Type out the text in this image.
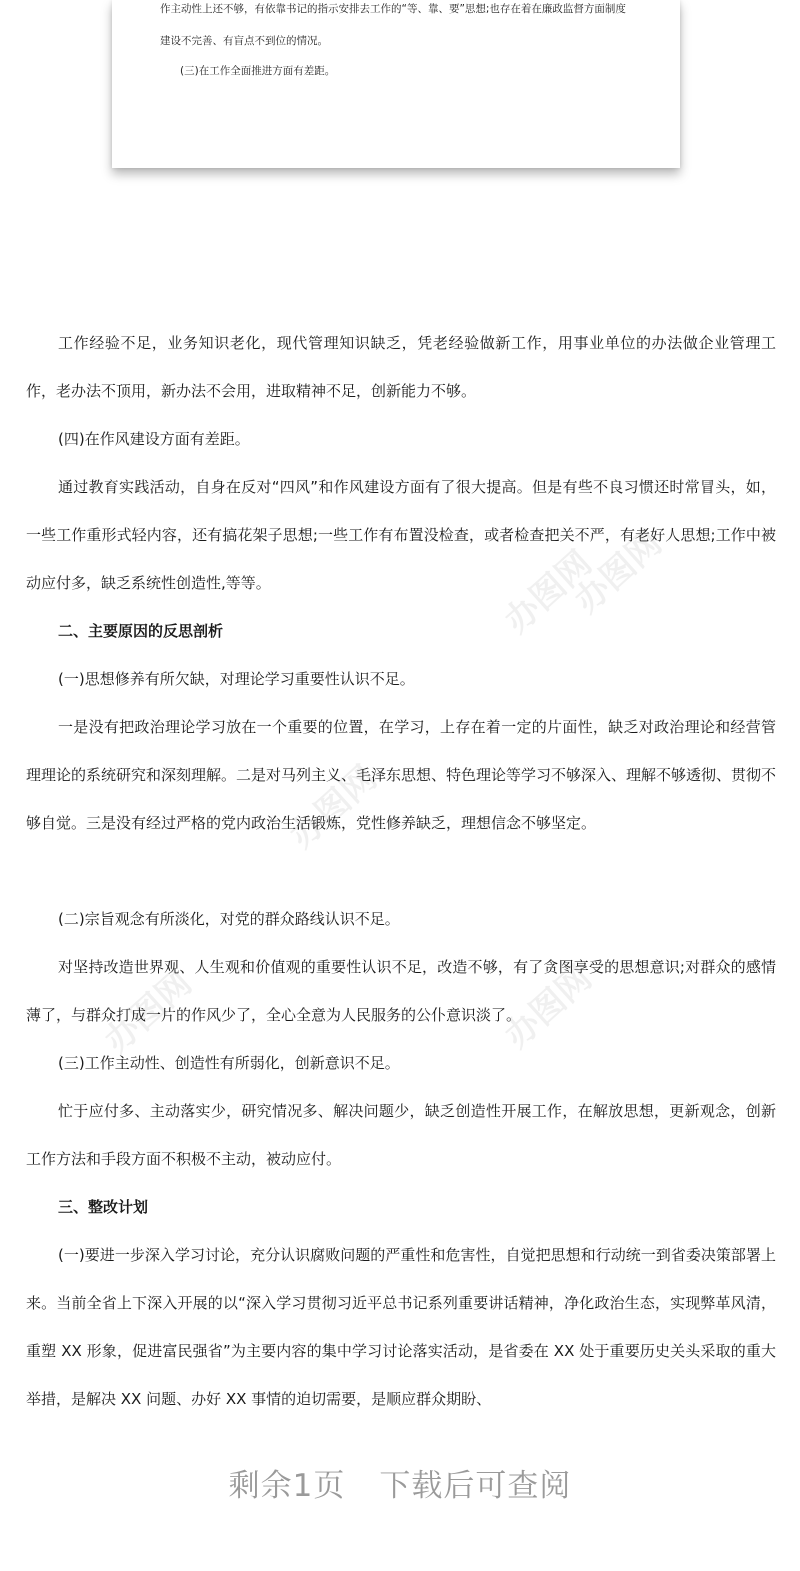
作主动性上还不够，有依靠书记的指示安排去工作的“等、靠、要”思想;也存在着在廉政监督方面制度
建设不完善、有盲点不到位的情况。
(三)在工作全面推进方面有差距。
办图网
办图网
办图网
办图网	办图网

工作经验不足，业务知识老化，现代管理知识缺乏，凭老经验做新工作，用事业单位的办法做企业管理工作，老办法不顶用，新办法不会用，进取精神不足，创新能力不够。

(四)在作风建设方面有差距。

通过教育实践活动，自身在反对“四风”和作风建设方面有了很大提高。但是有些不良习惯还时常冒头，如，一些工作重形式轻内容，还有搞花架子思想;一些工作有布置没检查，或者检查把关不严，有老好人思想;工作中被动应付多，缺乏系统性创造性,等等。

二、主要原因的反思剖析

(一)思想修养有所欠缺，对理论学习重要性认识不足。

一是没有把政治理论学习放在一个重要的位置，在学习，上存在着一定的片面性，缺乏对政治理论和经营管理理论的系统研究和深刻理解。二是对马列主义、毛泽东思想、特色理论等学习不够深入、理解不够透彻、贯彻不够自觉。三是没有经过严格的党内政治生活锻炼，党性修养缺乏，理想信念不够坚定。

(二)宗旨观念有所淡化，对党的群众路线认识不足。

对坚持改造世界观、人生观和价值观的重要性认识不足，改造不够，有了贪图享受的思想意识;对群众的感情薄了，与群众打成一片的作风少了，全心全意为人民服务的公仆意识淡了。

(三)工作主动性、创造性有所弱化，创新意识不足。

忙于应付多、主动落实少，研究情况多、解决问题少，缺乏创造性开展工作，在解放思想，更新观念，创新工作方法和手段方面不积极不主动，被动应付。

三、整改计划

(一)要进一步深入学习讨论，充分认识腐败问题的严重性和危害性，自觉把思想和行动统一到省委决策部署上来。当前全省上下深入开展的以“深入学习贯彻习近平总书记系列重要讲话精神，净化政治生态，实现弊革风清，重塑 XX 形象，促进富民强省”为主要内容的集中学习讨论落实活动，是省委在 XX 处于重要历史关头采取的重大举措，是解决 XX 问题、办好 XX 事情的迫切需要，是顺应群众期盼、

剩余1页 下载后可查阅
